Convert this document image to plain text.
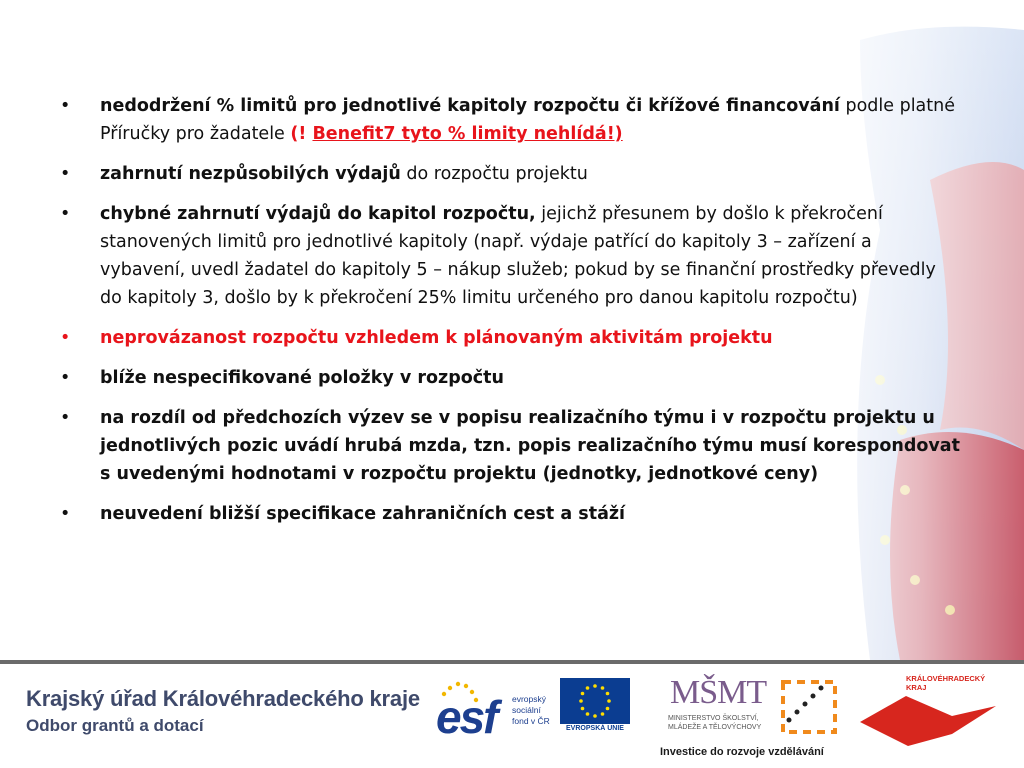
•	nedodržení % limitů pro jednotlivé kapitoly rozpočtu či křížové financování podle platné Příručky pro žadatele (! Benefit7 tyto % limity nehlídá!)
•	zahrnutí nezpůsobilých výdajů do rozpočtu projektu
•	chybné zahrnutí výdajů do kapitol rozpočtu, jejichž přesunem by došlo k překročení stanovených limitů pro jednotlivé kapitoly (např. výdaje patřící do kapitoly 3 – zařízení a vybavení, uvedl žadatel do kapitoly 5 – nákup služeb; pokud by se finanční prostředky převedly do kapitoly 3, došlo by k překročení 25% limitu určeného pro danou kapitolu rozpočtu)
•	neprovázanost rozpočtu vzhledem k plánovaným aktivitám projektu
•	blíže nespecifikované položky v rozpočtu
•	na rozdíl od předchozích výzev se v popisu realizačního týmu i v rozpočtu projektu u jednotlivých pozic uvádí hrubá mzda, tzn. popis realizačního týmu musí korespondovat s uvedenými hodnotami v rozpočtu projektu (jednotky, jednotkové ceny)
•	neuvedení bližší specifikace zahraničních cest a stáží
Krajský úřad Královéhradeckého kraje
Odbor grantů a dotací	esf evropský
sociální
fond v ČR
EVROPSKÁ UNIE
MŠMT
MINISTERSTVO ŠKOLSTVÍ,
MLÁDEŽE A TĚLOVÝCHOVY
Investice do rozvoje vzdělávání
KRÁLOVÉHRADECKÝ
KRAJ
